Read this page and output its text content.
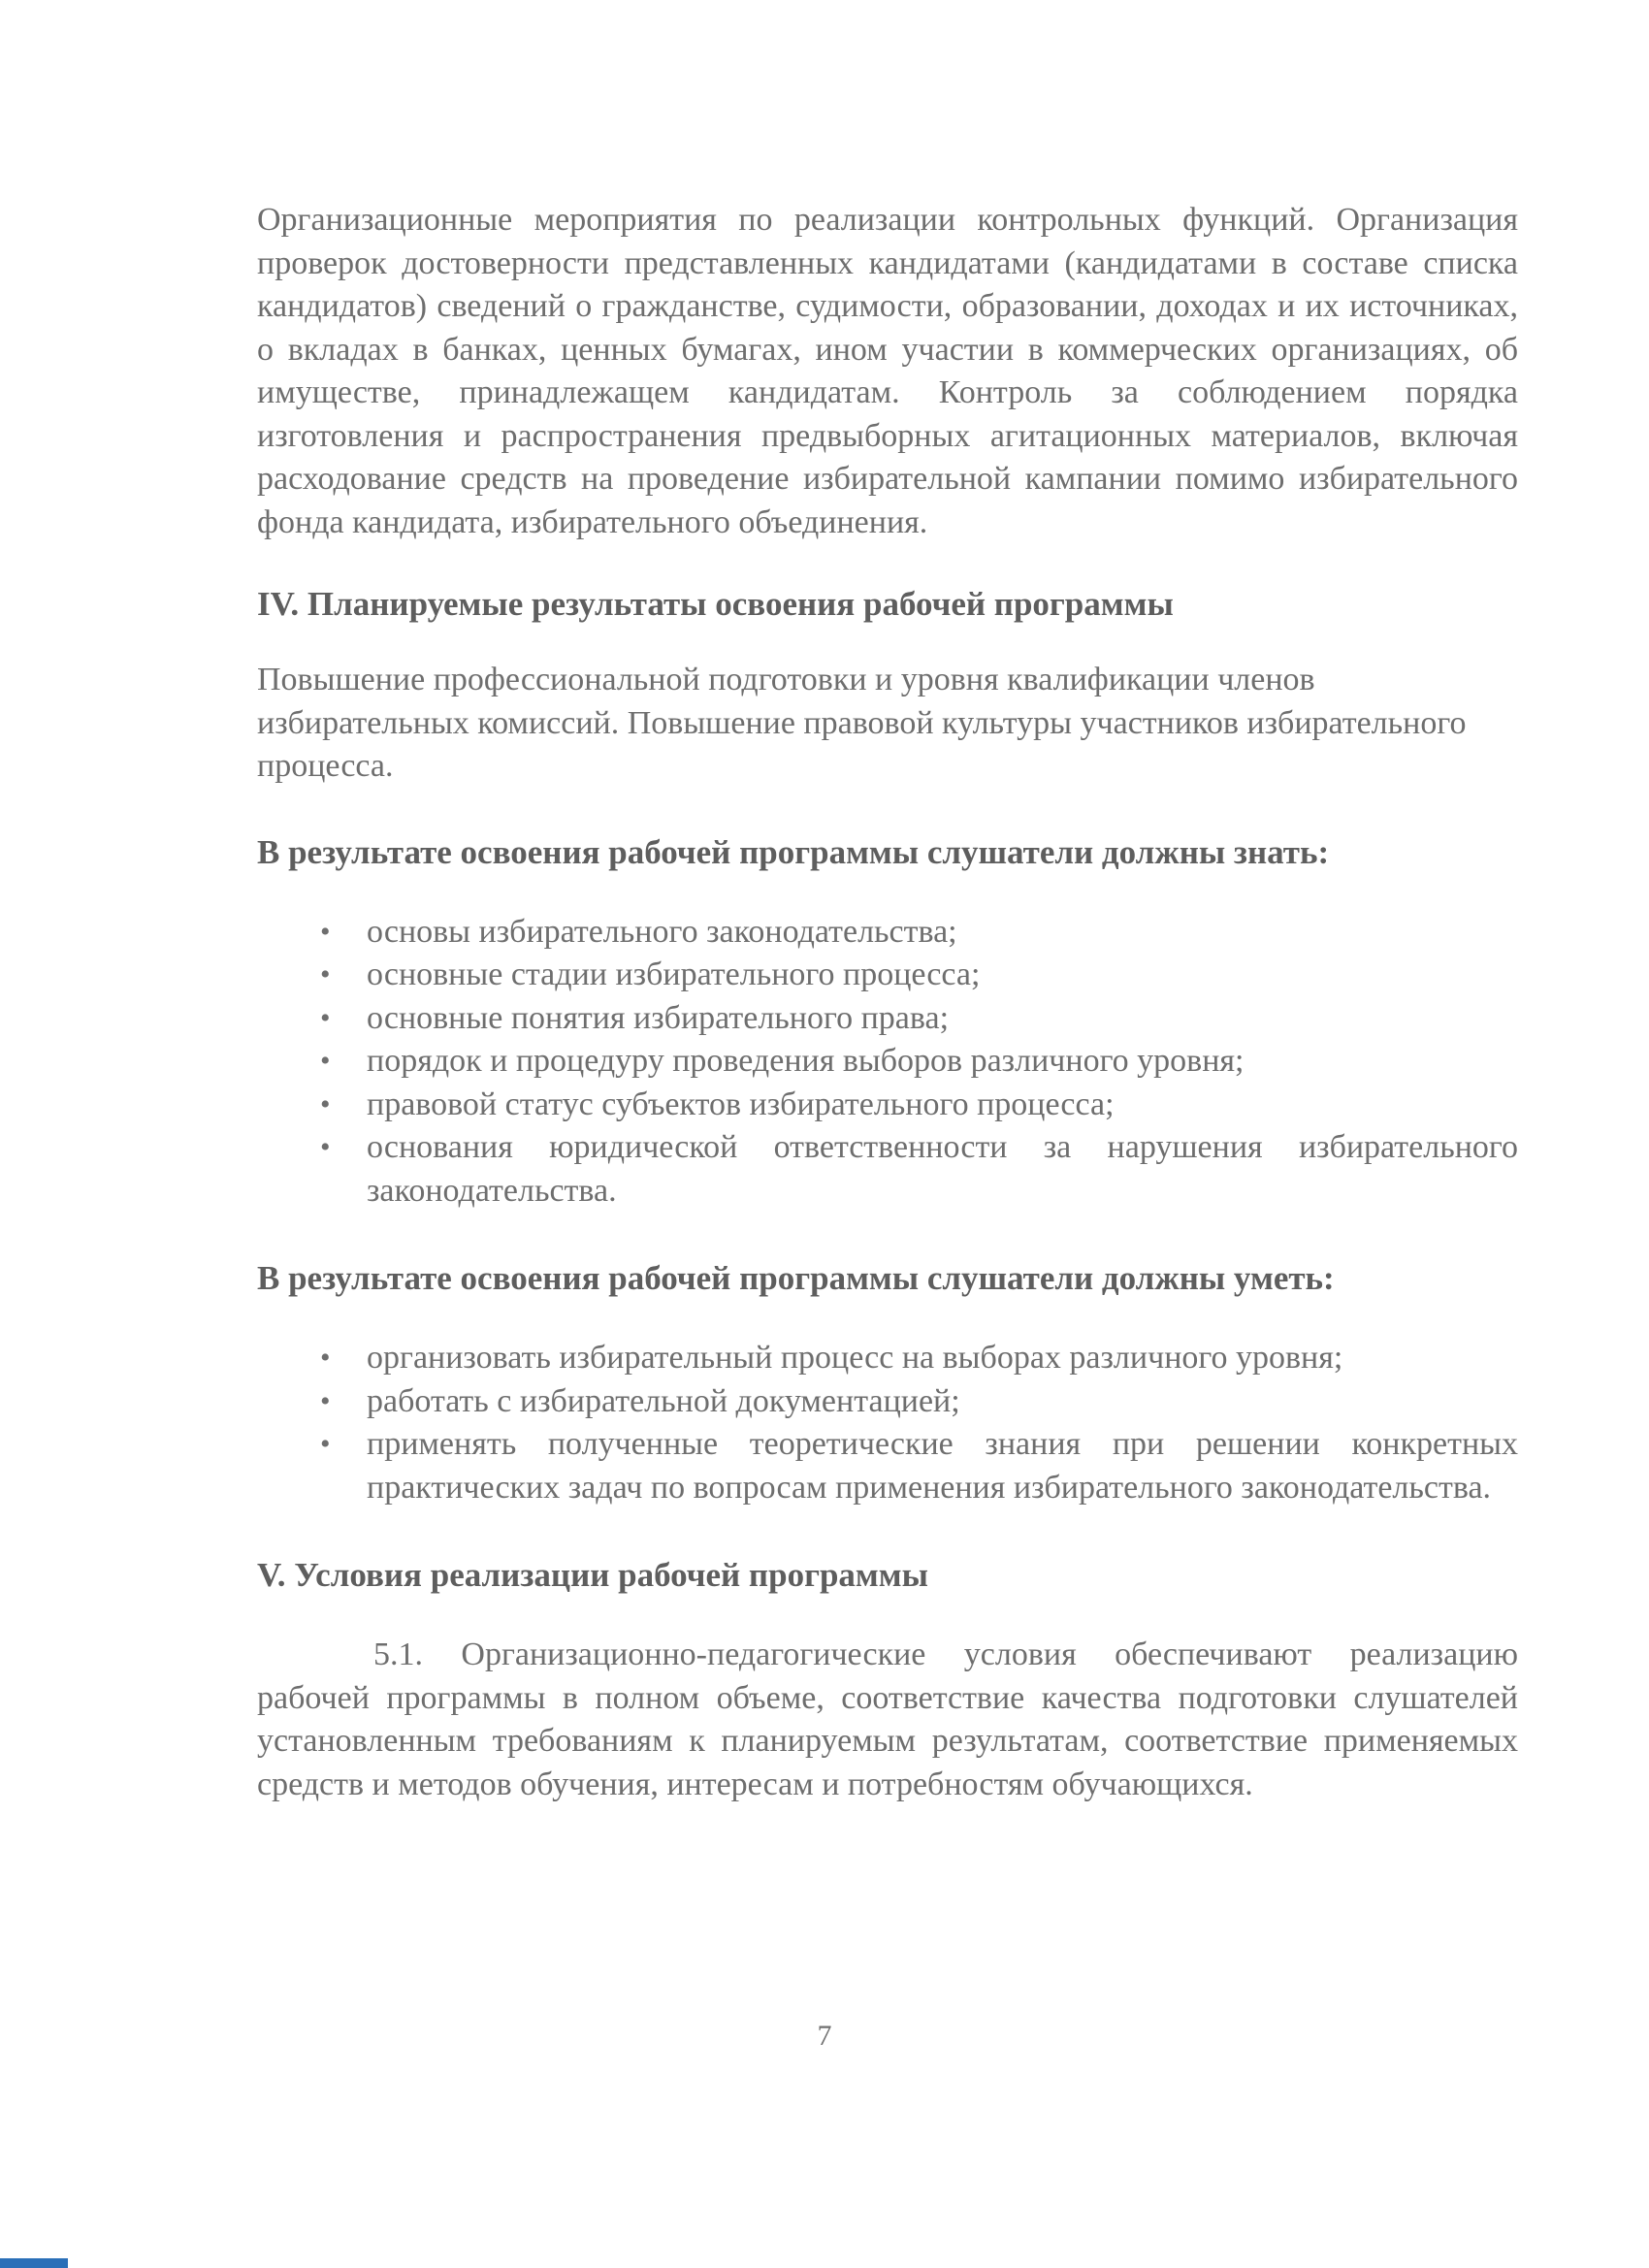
Организационные мероприятия по реализации контрольных функций. Организация проверок достоверности представленных кандидатами (кандидатами в составе списка кандидатов) сведений о гражданстве, судимости, образовании, доходах и их источниках, о вкладах в банках, ценных бумагах, ином участии в коммерческих организациях, об имуществе, принадлежащем кандидатам. Контроль за соблюдением порядка изготовления и распространения предвыборных агитационных материалов, включая расходование средств на проведение избирательной кампании помимо избирательного фонда кандидата, избирательного объединения.

IV. Планируемые результаты освоения рабочей программы

Повышение профессиональной подготовки и уровня квалификации членов избирательных комиссий. Повышение правовой культуры участников избирательного процесса.

В результате освоения рабочей программы слушатели должны знать:
• основы избирательного законодательства;
• основные стадии избирательного процесса;
• основные понятия избирательного права;
• порядок и процедуру проведения выборов различного уровня;
• правовой статус субъектов избирательного процесса;
• основания юридической ответственности за нарушения избирательного законодательства.
В результате освоения рабочей программы слушатели должны уметь:
• организовать избирательный процесс на выборах различного уровня;
• работать с избирательной документацией;
• применять полученные теоретические знания при решении конкретных практических задач по вопросам применения избирательного законодательства.
V. Условия реализации рабочей программы

5.1. Организационно-педагогические условия обеспечивают реализацию рабочей программы в полном объеме, соответствие качества подготовки слушателей установленным требованиям к планируемым результатам, соответствие применяемых средств и методов обучения, интересам и потребностям обучающихся.

7
